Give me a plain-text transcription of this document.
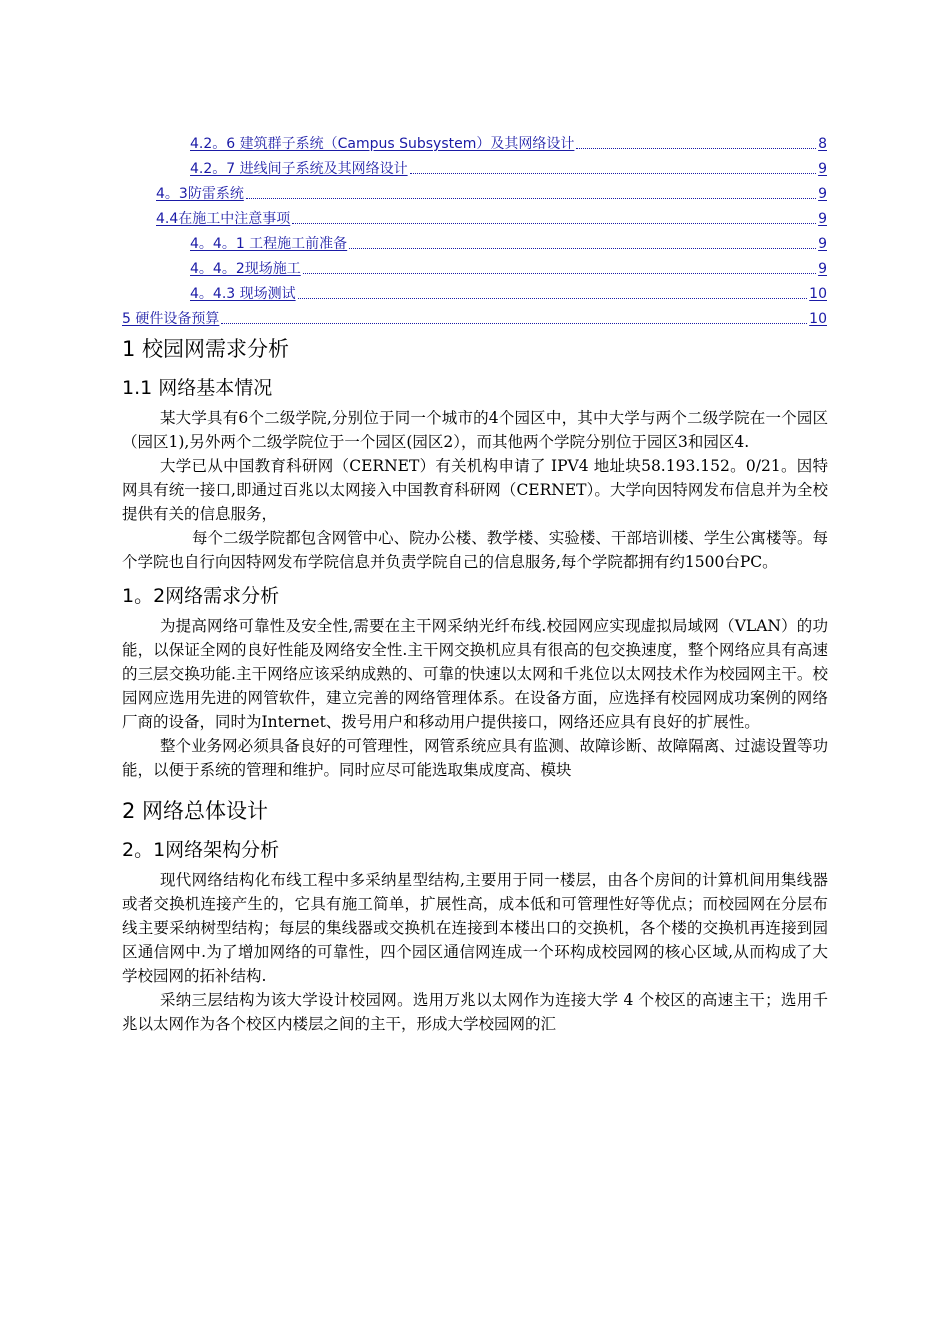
4.2。6 建筑群子系统（Campus Subsystem）及其网络设计	8
4.2。7 进线间子系统及其网络设计	9
4。3防雷系统	9
4.4在施工中注意事项	9
4。4。1 工程施工前准备	9
4。4。2现场施工	9
4。4.3 现场测试	10
5 硬件设备预算	10
1 校园网需求分析
1.1 网络基本情况

某大学具有6个二级学院,分别位于同一个城市的4个园区中，其中大学与两个二级学院在一个园区（园区1),另外两个二级学院位于一个园区(园区2），而其他两个学院分别位于园区3和园区4.

大学已从中国教育科研网（CERNET）有关机构申请了 IPV4 地址块58.193.152。0/21。因特网具有统一接口,即通过百兆以太网接入中国教育科研网（CERNET）。大学向因特网发布信息并为全校提供有关的信息服务，

每个二级学院都包含网管中心、院办公楼、教学楼、实验楼、干部培训楼、学生公寓楼等。每个学院也自行向因特网发布学院信息并负责学院自己的信息服务,每个学院都拥有约1500台PC。

1。2网络需求分析

为提高网络可靠性及安全性,需要在主干网采纳光纤布线.校园网应实现虚拟局域网（VLAN）的功能，以保证全网的良好性能及网络安全性.主干网交换机应具有很高的包交换速度，整个网络应具有高速的三层交换功能.主干网络应该采纳成熟的、可靠的快速以太网和千兆位以太网技术作为校园网主干。校园网应选用先进的网管软件，建立完善的网络管理体系。在设备方面，应选择有校园网成功案例的网络厂商的设备，同时为Internet、拨号用户和移动用户提供接口，网络还应具有良好的扩展性。

整个业务网必须具备良好的可管理性，网管系统应具有监测、故障诊断、故障隔离、过滤设置等功能，以便于系统的管理和维护。同时应尽可能选取集成度高、模块

2 网络总体设计
2。1网络架构分析

现代网络结构化布线工程中多采纳星型结构,主要用于同一楼层，由各个房间的计算机间用集线器或者交换机连接产生的，它具有施工简单，扩展性高，成本低和可管理性好等优点；而校园网在分层布线主要采纳树型结构；每层的集线器或交换机在连接到本楼出口的交换机，各个楼的交换机再连接到园区通信网中.为了增加网络的可靠性，四个园区通信网连成一个环构成校园网的核心区域,从而构成了大学校园网的拓补结构.

采纳三层结构为该大学设计校园网。选用万兆以太网作为连接大学 4 个校区的高速主干；选用千兆以太网作为各个校区内楼层之间的主干，形成大学校园网的汇
